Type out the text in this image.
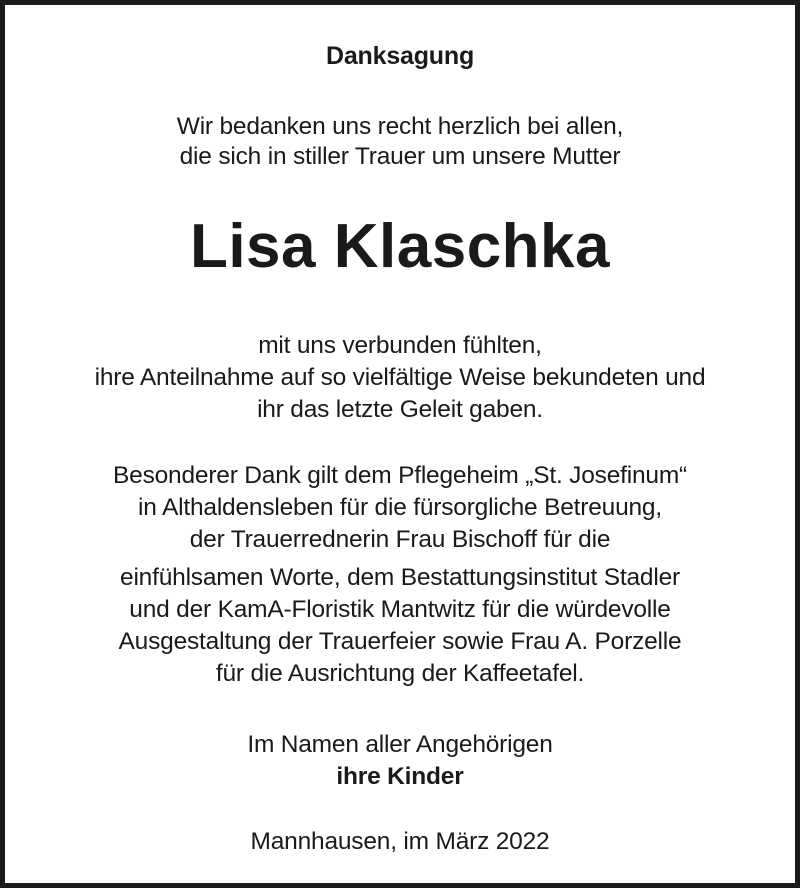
Danksagung
Wir bedanken uns recht herzlich bei allen,
die sich in stiller Trauer um unsere Mutter
Lisa Klaschka
mit uns verbunden fühlten,
ihre Anteilnahme auf so vielfältige Weise bekundeten und
ihr das letzte Geleit gaben.
Besonderer Dank gilt dem Pflegeheim „St. Josefinum“
in Althaldensleben für die fürsorgliche Betreuung,
der Trauerrednerin Frau Bischoff für die
einfühlsamen Worte, dem Bestattungsinstitut Stadler
und der KamA-Floristik Mantwitz für die würdevolle
Ausgestaltung der Trauerfeier sowie Frau A. Porzelle
für die Ausrichtung der Kaffeetafel.
Im Namen aller Angehörigen
ihre Kinder
Mannhausen, im März 2022
